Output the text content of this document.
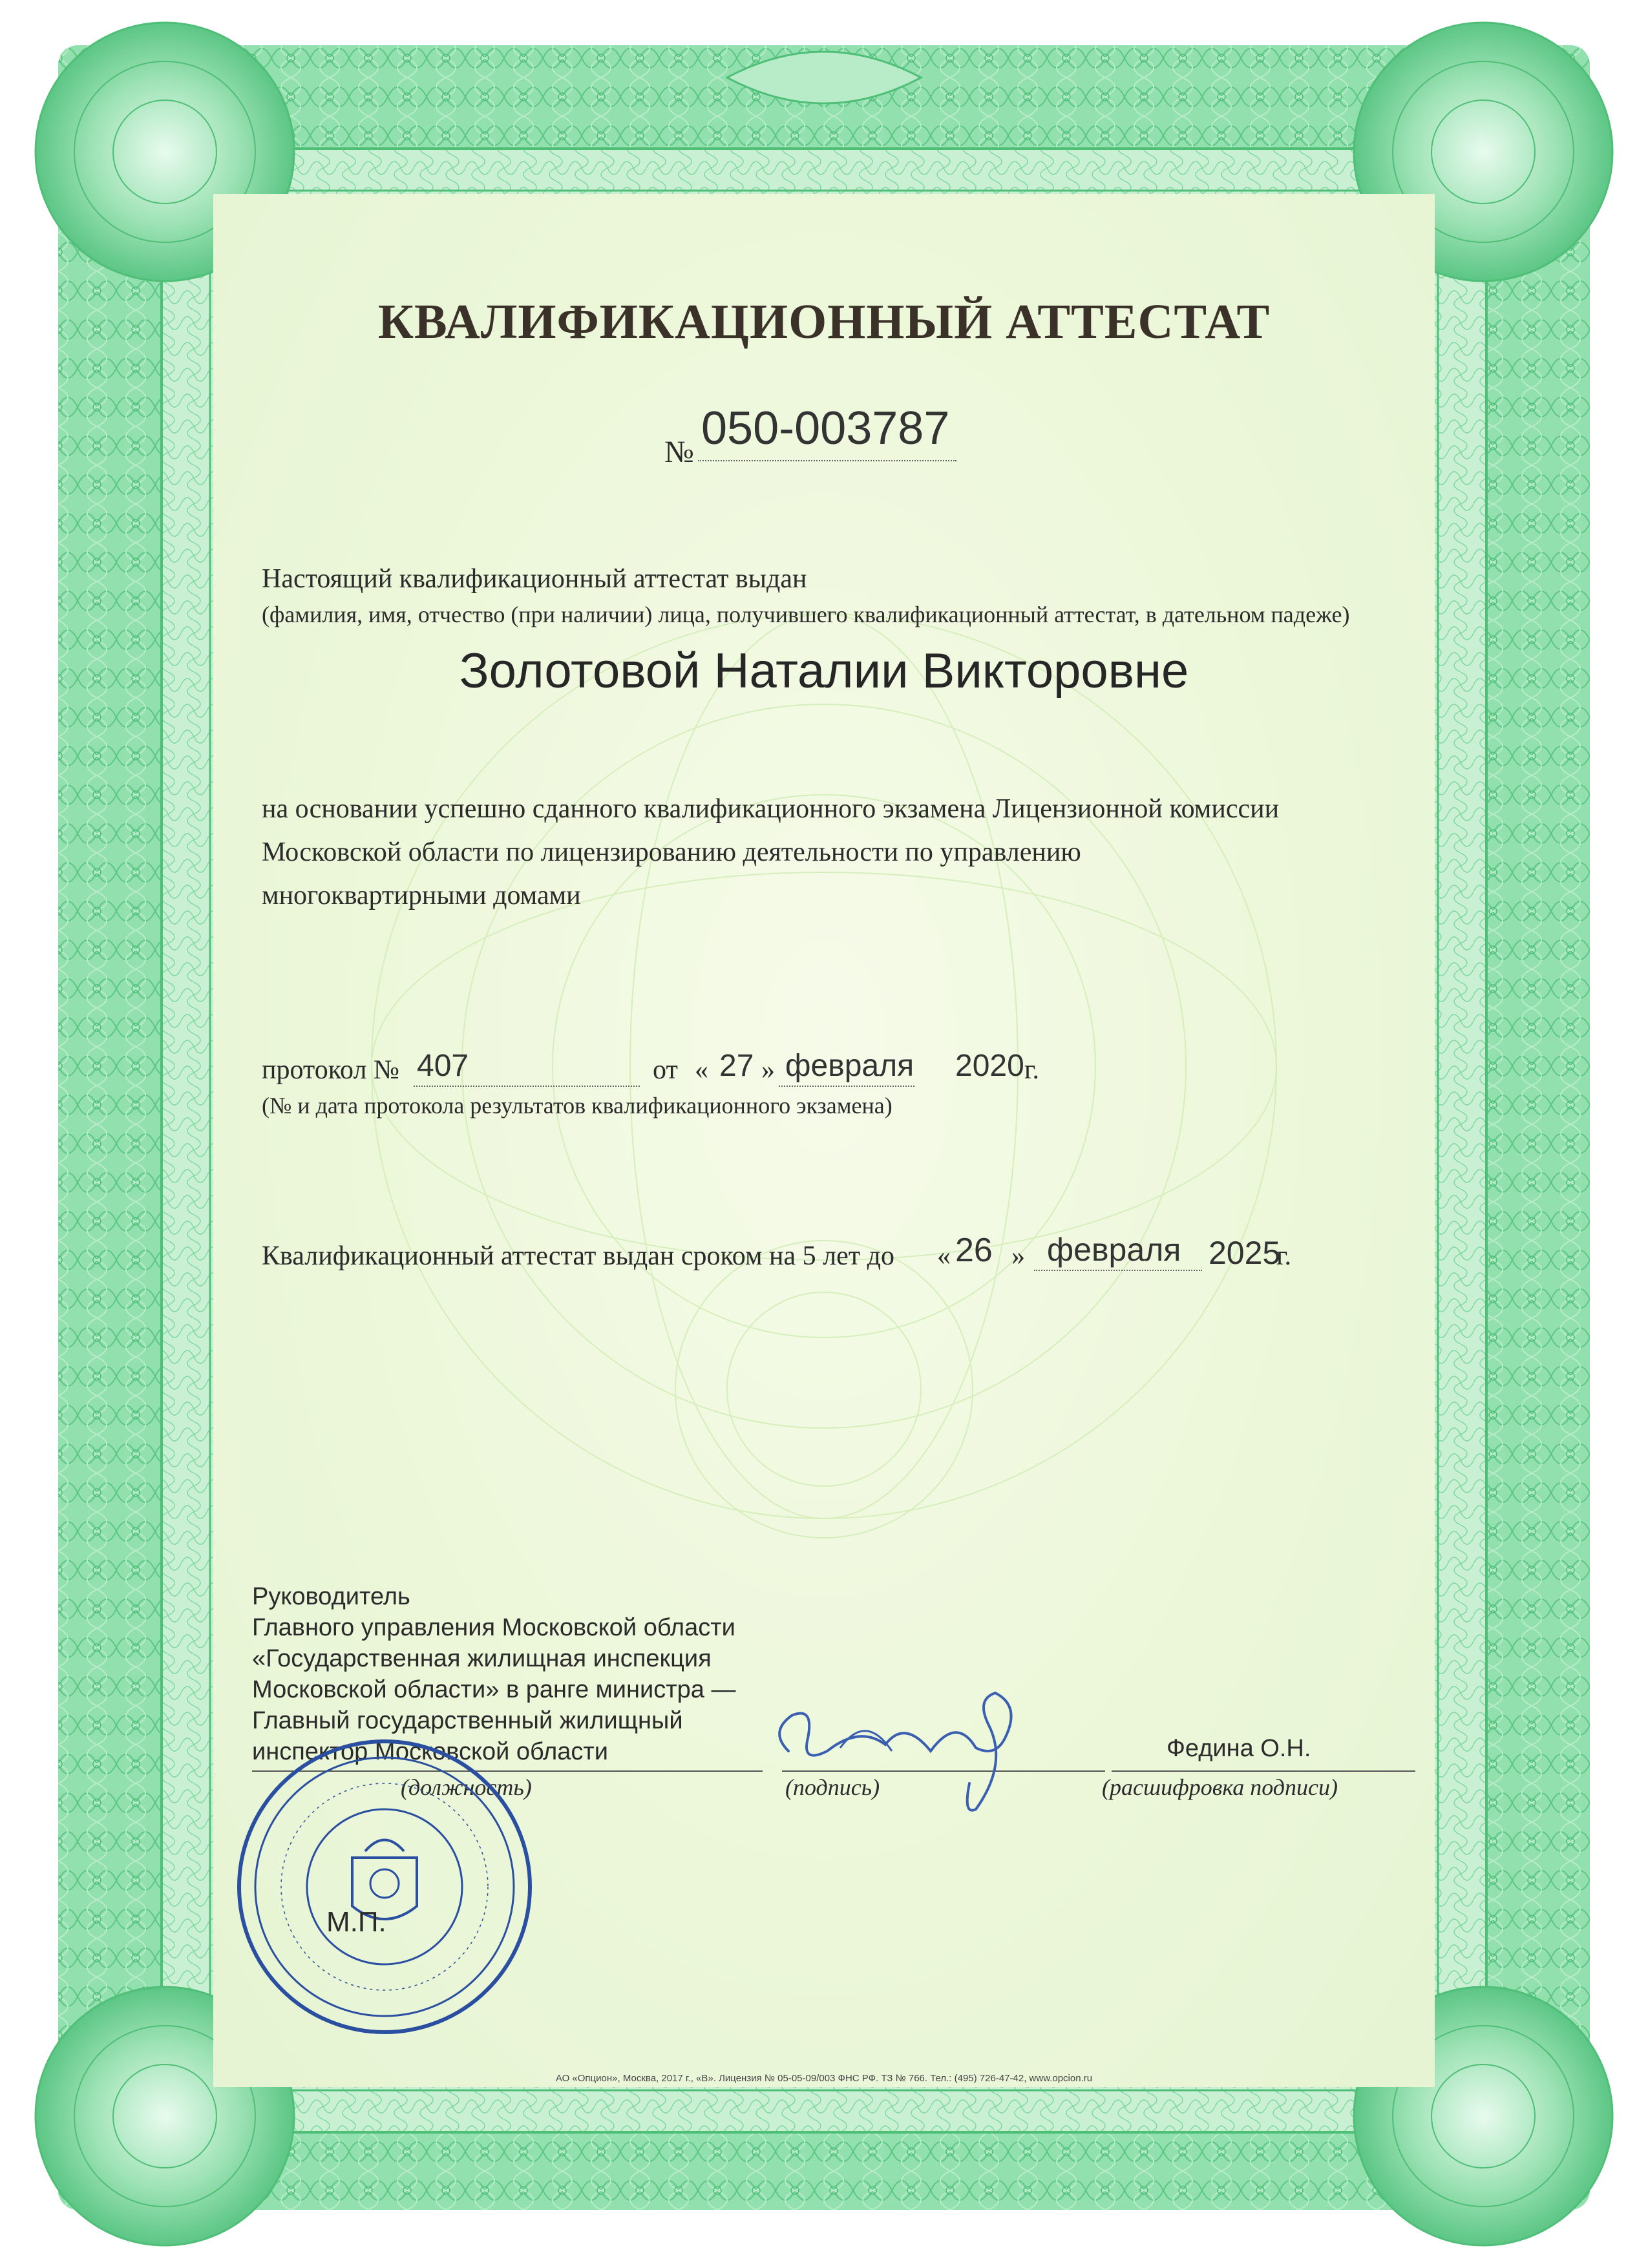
КВАЛИФИКАЦИОННЫЙ АТТЕСТАТ
№ 050-003787
Настоящий квалификационный аттестат выдан
(фамилия, имя, отчество (при наличии) лица, получившего квалификационный аттестат, в дательном падеже)
Золотовой Наталии Викторовне
на основании успешно сданного квалификационного экзамена Лицензионной комиссии
Московской области по лицензированию деятельности по управлению
многоквартирными домами
протокол № 407	от « 27 » февраля 2020 г.
(№ и дата протокола результатов квалификационного экзамена)
Квалификационный аттестат выдан сроком на 5 лет до « 26 » февраля 2025
г.
Руководитель
Главного управления Московской области
«Государственная жилищная инспекция
Московской области» в ранге министра —
Главный государственный жилищный
инспектор Московской области
(должность)	(подпись)
Федина О.Н.
(расшифровка подписи)
М.П.
АО «Опцион», Москва, 2017 г., «В». Лицензия № 05-05-09/003 ФНС РФ. ТЗ № 766. Тел.: (495) 726-47-42, www.opcion.ru
